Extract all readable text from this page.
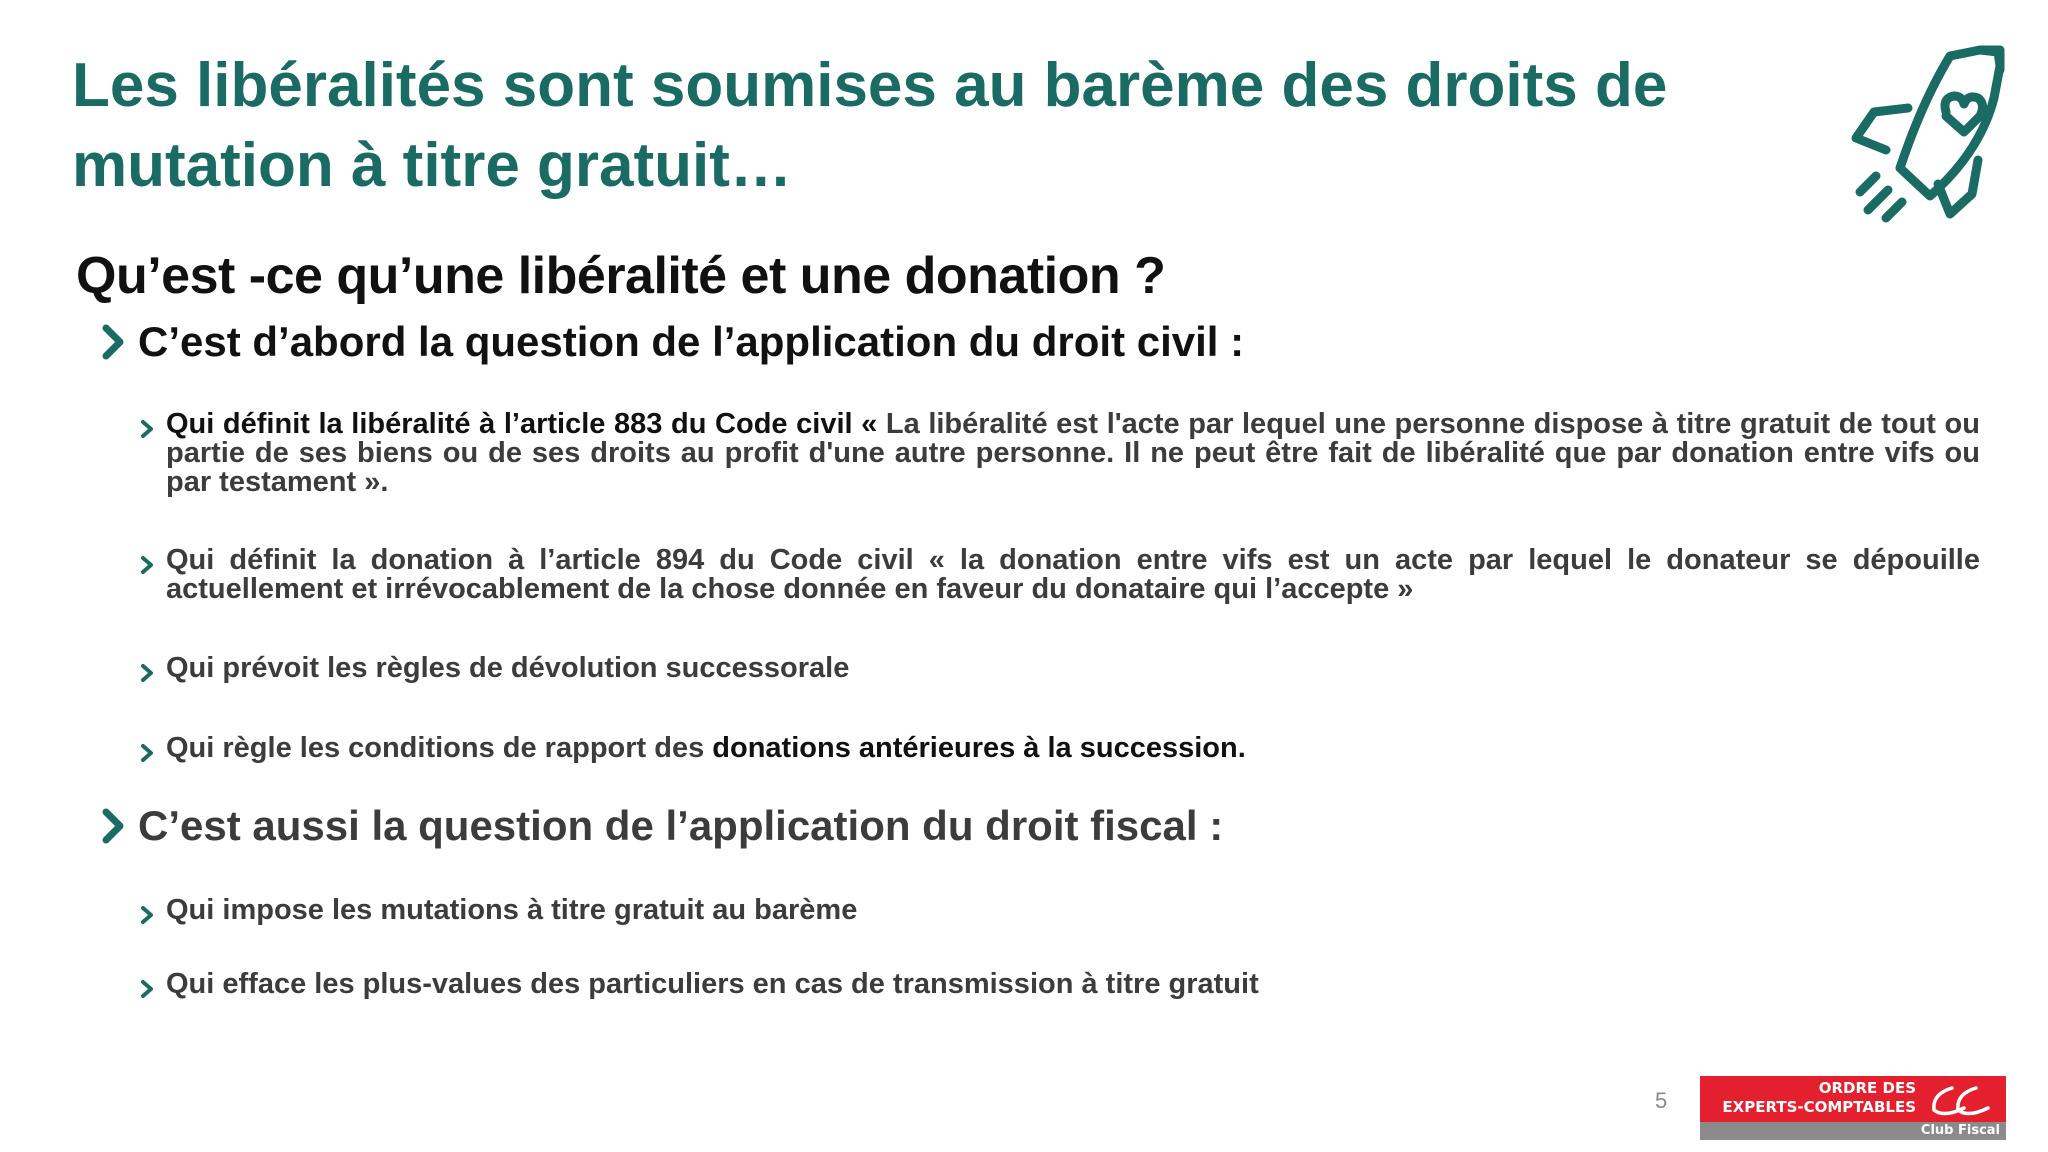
Les libéralités sont soumises au barème des droits de mutation à titre gratuit…
Qu’est -ce qu’une libéralité et une donation ?
C’est d’abord la question de l’application du droit civil :
Qui définit la libéralité à l’article 883 du Code civil « La libéralité est l'acte par lequel une personne dispose à titre gratuit de tout ou partie de ses biens ou de ses droits au profit d'une autre personne. Il ne peut être fait de libéralité que par donation entre vifs ou par testament ».
Qui définit la donation à l’article 894 du Code civil « la donation entre vifs est un acte par lequel le donateur se dépouille actuellement et irrévocablement de la chose donnée en faveur du donataire qui l’accepte »
Qui prévoit les règles de dévolution successorale
Qui règle les conditions de rapport des donations antérieures à la succession.
C’est aussi la question de l’application du droit fiscal :
Qui impose les mutations à titre gratuit au barème
Qui efface les plus-values des particuliers en cas de transmission à titre gratuit
5	ORDRE DES
EXPERTS-COMPTABLES
Club Fiscal
